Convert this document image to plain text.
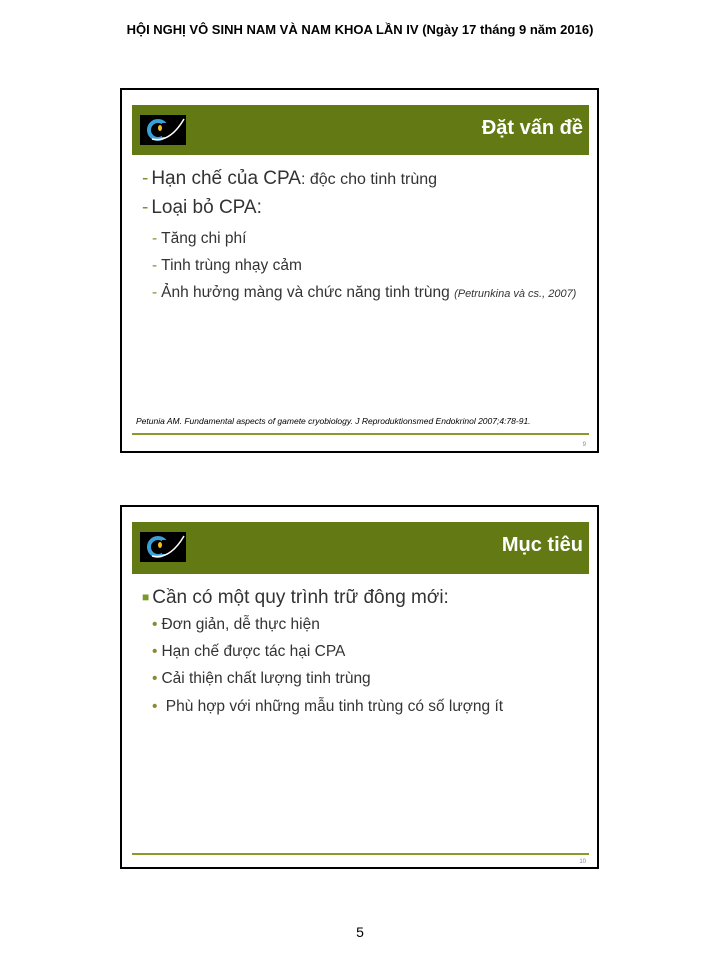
HỘI NGHỊ VÔ SINH NAM VÀ NAM KHOA LẦN IV (Ngày 17 tháng 9 năm 2016)
Đặt vấn đề
- Hạn chế của CPA: độc cho tinh trùng
- Loại bỏ CPA:
- Tăng chi phí
- Tinh trùng nhạy cảm
- Ảnh hưởng màng và chức năng tinh trùng (Petrunkina và cs., 2007)
Petunia AM. Fundamental aspects of gamete cryobiology. J Reproduktionsmed Endokrinol 2007;4:78-91.
9
Mục tiêu
■ Cần có một quy trình trữ đông mới:
• Đơn giản, dễ thực hiện
• Hạn chế được tác hại CPA
• Cải thiện chất lượng tinh trùng
• Phù hợp với những mẫu tinh trùng có số lượng ít
10
5
